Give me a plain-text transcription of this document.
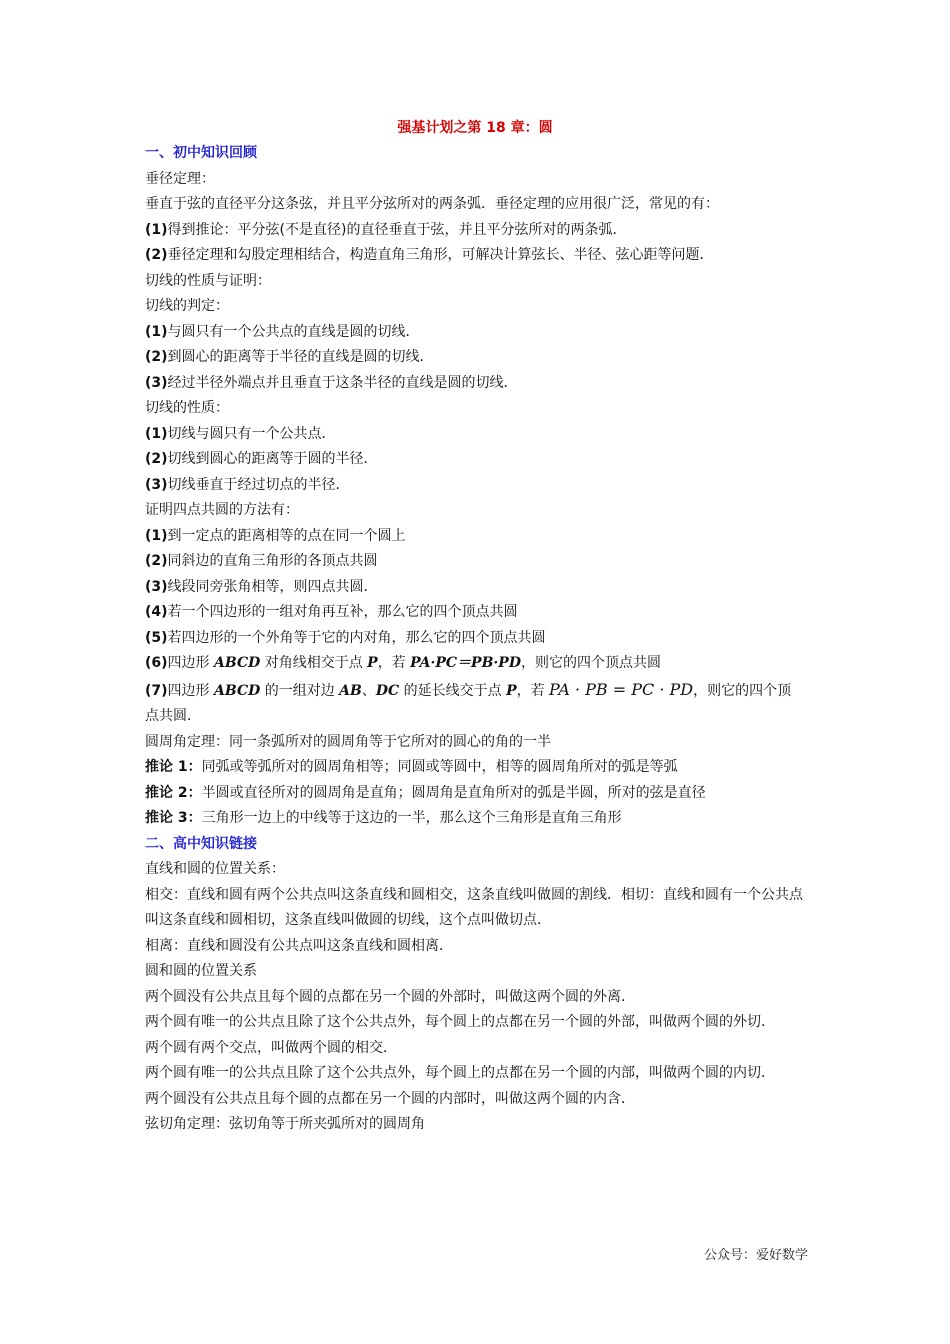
强基计划之第 18 章：圆
一、初中知识回顾
垂径定理：
垂直于弦的直径平分这条弦，并且平分弦所对的两条弧．垂径定理的应用很广泛，常见的有：
(1)得到推论：平分弦(不是直径)的直径垂直于弦，并且平分弦所对的两条弧．
(2)垂径定理和勾股定理相结合，构造直角三角形，可解决计算弦长、半径、弦心距等问题．
切线的性质与证明：
切线的判定：
(1)与圆只有一个公共点的直线是圆的切线．
(2)到圆心的距离等于半径的直线是圆的切线．
(3)经过半径外端点并且垂直于这条半径的直线是圆的切线．
切线的性质：
(1)切线与圆只有一个公共点．
(2)切线到圆心的距离等于圆的半径．
(3)切线垂直于经过切点的半径．
证明四点共圆的方法有：
(1)到一定点的距离相等的点在同一个圆上
(2)同斜边的直角三角形的各顶点共圆
(3)线段同旁张角相等，则四点共圆．
(4)若一个四边形的一组对角再互补，那么它的四个顶点共圆
(5)若四边形的一个外角等于它的内对角，那么它的四个顶点共圆
(6)四边形 ABCD 对角线相交于点 P，若 PA·PC＝PB·PD，则它的四个顶点共圆
(7)四边形 ABCD 的一组对边 AB、DC 的延长线交于点 P，若 PA · PB = PC · PD，则它的四个顶点共圆．
圆周角定理：同一条弧所对的圆周角等于它所对的圆心的角的一半
推论 1：同弧或等弧所对的圆周角相等；同圆或等圆中，相等的圆周角所对的弧是等弧
推论 2：半圆或直径所对的圆周角是直角；圆周角是直角所对的弧是半圆，所对的弦是直径
推论 3：三角形一边上的中线等于这边的一半，那么这个三角形是直角三角形
二、高中知识链接
直线和圆的位置关系：
相交：直线和圆有两个公共点叫这条直线和圆相交，这条直线叫做圆的割线．相切：直线和圆有一个公共点叫这条直线和圆相切，这条直线叫做圆的切线，这个点叫做切点．
相离：直线和圆没有公共点叫这条直线和圆相离．
圆和圆的位置关系
两个圆没有公共点且每个圆的点都在另一个圆的外部时，叫做这两个圆的外离．
两个圆有唯一的公共点且除了这个公共点外，每个圆上的点都在另一个圆的外部，叫做两个圆的外切．
两个圆有两个交点，叫做两个圆的相交．
两个圆有唯一的公共点且除了这个公共点外，每个圆上的点都在另一个圆的内部，叫做两个圆的内切．
两个圆没有公共点且每个圆的点都在另一个圆的内部时，叫做这两个圆的内含．
弦切角定理：弦切角等于所夹弧所对的圆周角
公众号：爱好数学
